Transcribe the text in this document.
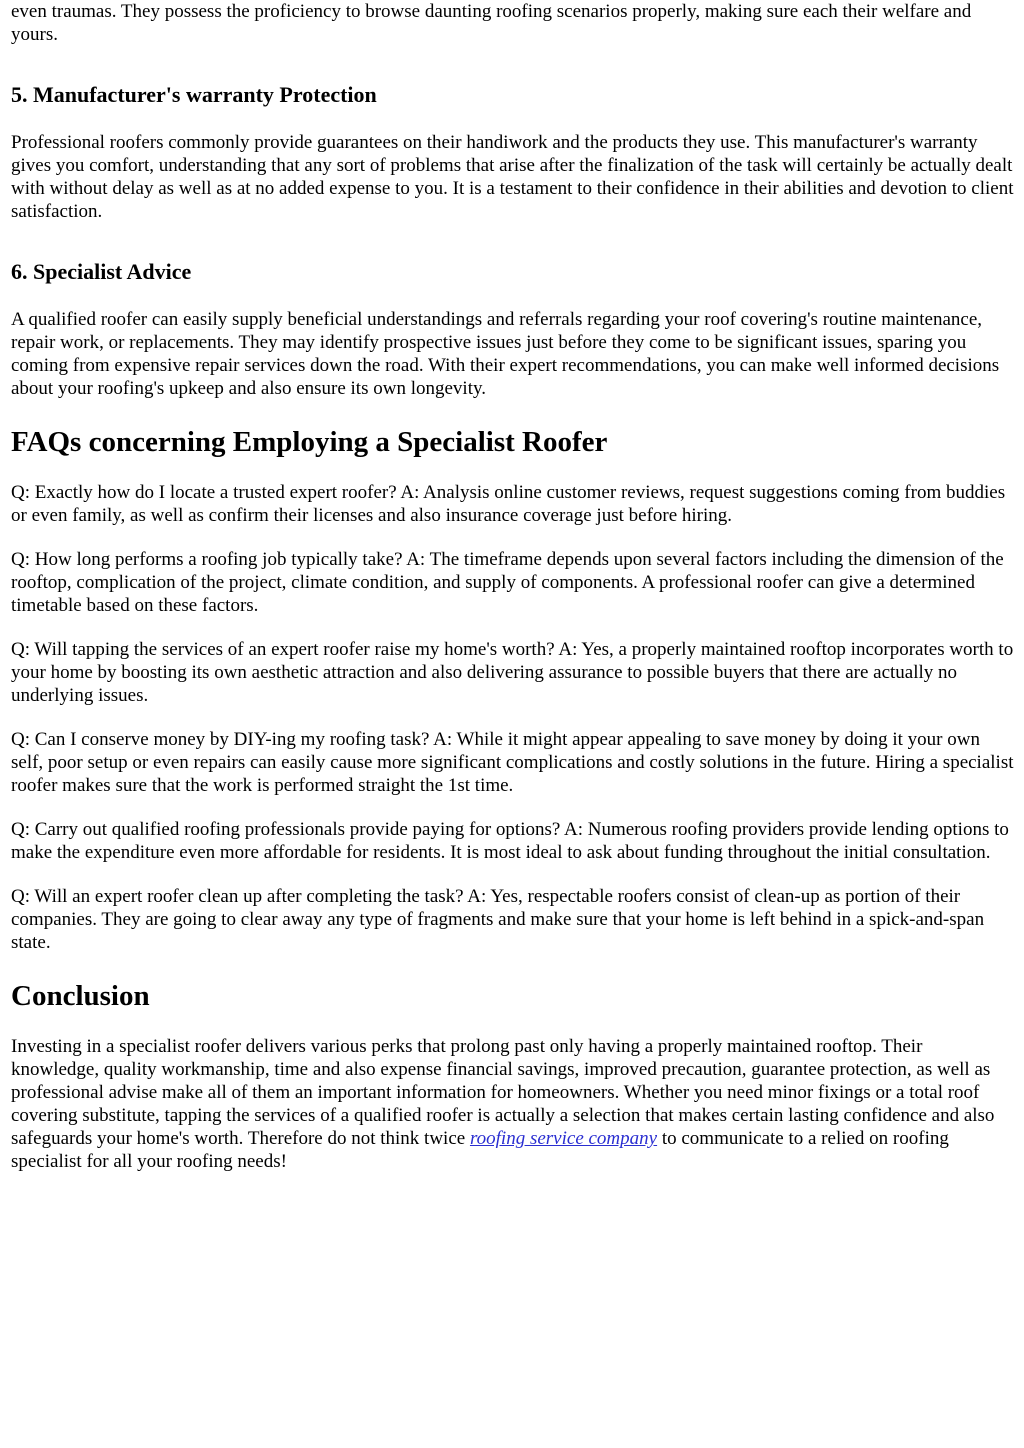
even traumas. They possess the proficiency to browse daunting roofing scenarios properly, making sure each their welfare and yours.

5. Manufacturer's warranty Protection

Professional roofers commonly provide guarantees on their handiwork and the products they use. This manufacturer's warranty gives you comfort, understanding that any sort of problems that arise after the finalization of the task will certainly be actually dealt with without delay as well as at no added expense to you. It is a testament to their confidence in their abilities and devotion to client satisfaction.

6. Specialist Advice

A qualified roofer can easily supply beneficial understandings and referrals regarding your roof covering's routine maintenance, repair work, or replacements. They may identify prospective issues just before they come to be significant issues, sparing you coming from expensive repair services down the road. With their expert recommendations, you can make well informed decisions about your roofing's upkeep and also ensure its own longevity.

FAQs concerning Employing a Specialist Roofer

Q: Exactly how do I locate a trusted expert roofer? A: Analysis online customer reviews, request suggestions coming from buddies or even family, as well as confirm their licenses and also insurance coverage just before hiring.

Q: How long performs a roofing job typically take? A: The timeframe depends upon several factors including the dimension of the rooftop, complication of the project, climate condition, and supply of components. A professional roofer can give a determined timetable based on these factors.

Q: Will tapping the services of an expert roofer raise my home's worth? A: Yes, a properly maintained rooftop incorporates worth to your home by boosting its own aesthetic attraction and also delivering assurance to possible buyers that there are actually no underlying issues.

Q: Can I conserve money by DIY-ing my roofing task? A: While it might appear appealing to save money by doing it your own self, poor setup or even repairs can easily cause more significant complications and costly solutions in the future. Hiring a specialist roofer makes sure that the work is performed straight the 1st time.

Q: Carry out qualified roofing professionals provide paying for options? A: Numerous roofing providers provide lending options to make the expenditure even more affordable for residents. It is most ideal to ask about funding throughout the initial consultation.

Q: Will an expert roofer clean up after completing the task? A: Yes, respectable roofers consist of clean-up as portion of their companies. They are going to clear away any type of fragments and make sure that your home is left behind in a spick-and-span state.

Conclusion

Investing in a specialist roofer delivers various perks that prolong past only having a properly maintained rooftop. Their knowledge, quality workmanship, time and also expense financial savings, improved precaution, guarantee protection, as well as professional advise make all of them an important information for homeowners. Whether you need minor fixings or a total roof covering substitute, tapping the services of a qualified roofer is actually a selection that makes certain lasting confidence and also safeguards your home's worth. Therefore do not think twice roofing service company to communicate to a relied on roofing specialist for all your roofing needs!
